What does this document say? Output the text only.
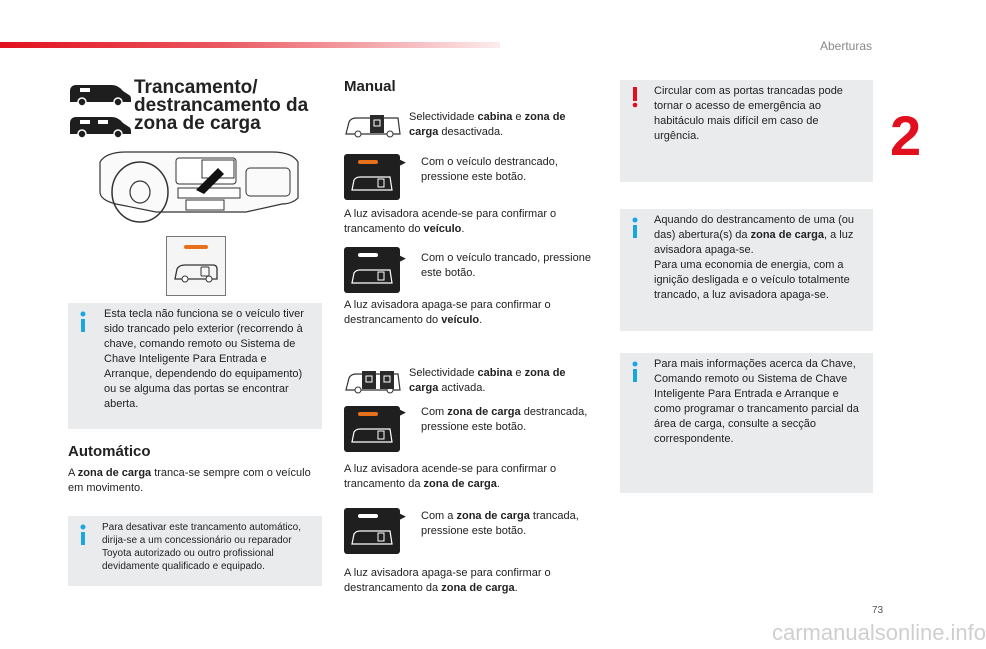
Aberturas
2
73
Trancamento/
destrancamento da
zona de carga

Esta tecla não funciona se o veículo tiver sido trancado pelo exterior (recorrendo à chave, comando remoto ou Sistema de Chave Inteligente Para Entrada e Arranque, dependendo do equipamento) ou se alguma das portas se encontrar aberta.

Automático

A zona de carga tranca-se sempre com o veículo em movimento.

Para desativar este trancamento automático, dirija-se a um concessionário ou reparador Toyota autorizado ou outro profissional devidamente qualificado e equipado.

Manual

Selectividade cabina e zona de carga desactivada.

▶ Com o veículo destrancado, pressione este botão.

A luz avisadora acende-se para confirmar o trancamento do veículo.

▶ Com o veículo trancado, pressione este botão.

A luz avisadora apaga-se para confirmar o destrancamento do veículo.

Selectividade cabina e zona de carga activada.

▶ Com zona de carga destrancada, pressione este botão.

A luz avisadora acende-se para confirmar o trancamento da zona de carga.

▶ Com a zona de carga trancada, pressione este botão.

A luz avisadora apaga-se para confirmar o destrancamento da zona de carga.

Circular com as portas trancadas pode tornar o acesso de emergência ao habitáculo mais difícil em caso de urgência.

Aquando do destrancamento de uma (ou das) abertura(s) da zona de carga, a luz avisadora apaga-se.
Para uma economia de energia, com a ignição desligada e o veículo totalmente trancado, a luz avisadora apaga-se.

Para mais informações acerca da Chave, Comando remoto ou Sistema de Chave Inteligente Para Entrada e Arranque e como programar o trancamento parcial da área de carga, consulte a secção correspondente.

carmanualsonline.info
